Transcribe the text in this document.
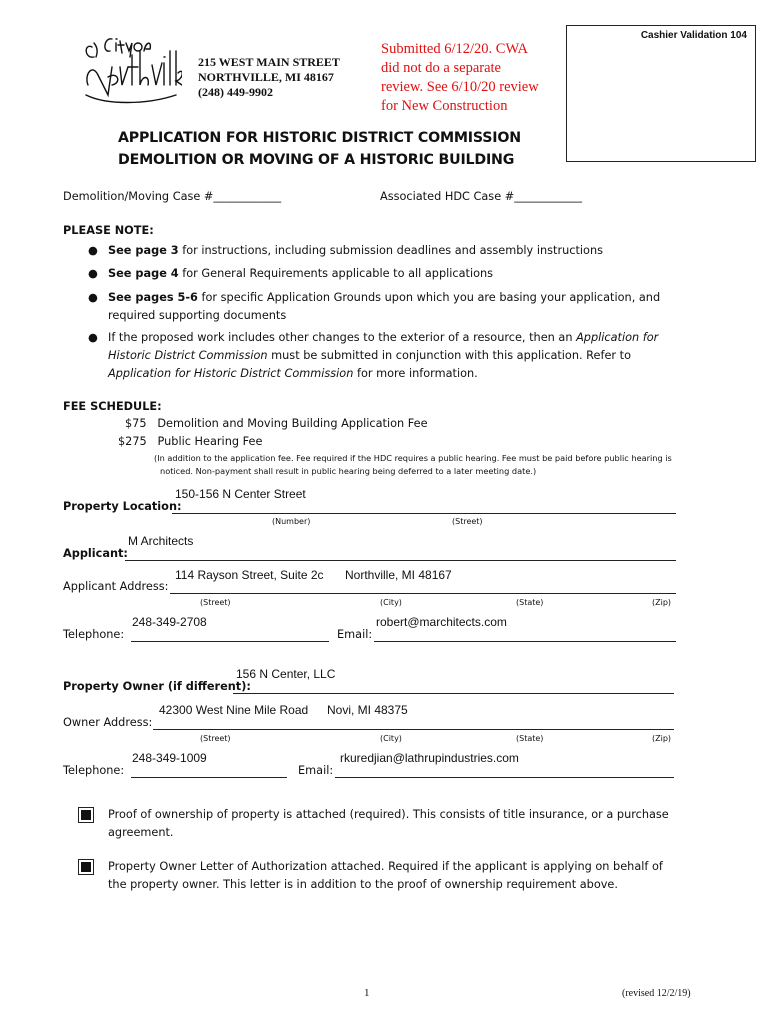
Cashier Validation 104
215 WEST MAIN STREET
NORTHVILLE, MI 48167
(248) 449-9902
Submitted 6/12/20. CWA
did not do a separate
review. See 6/10/20 review
for New Construction
APPLICATION FOR HISTORIC DISTRICT COMMISSION
DEMOLITION OR MOVING OF A HISTORIC BUILDING
Demolition/Moving Case #____________	Associated HDC Case #____________
PLEASE NOTE:
● See page 3 for instructions, including submission deadlines and assembly instructions
● See page 4 for General Requirements applicable to all applications
● See pages 5-6 for specific Application Grounds upon which you are basing your application, and
required supporting documents
● If the proposed work includes other changes to the exterior of a resource, then an Application for
Historic District Commission must be submitted in conjunction with this application. Refer to
Application for Historic District Commission for more information.
FEE SCHEDULE:
$75   Demolition and Moving Building Application Fee
$275   Public Hearing Fee
(In addition to the application fee. Fee required if the HDC requires a public hearing. Fee must be paid before public hearing is
noticed. Non-payment shall result in public hearing being deferred to a later meeting date.)
150-156 N Center Street
Property Location:
(Number)	(Street)
M Architects
Applicant:
114 Rayson Street, Suite 2c Northville, MI 48167
Applicant Address:
(Street)	(City)	(State)	(Zip)
248-349-2708	robert@marchitects.com
Telephone:	Email:
156 N Center, LLC
Property Owner (if different):
42300 West Nine Mile Road Novi, MI 48375
Owner Address:
(Street)	(City)	(State)	(Zip)
248-349-1009	rkuredjian@lathrupindustries.com
Telephone:	Email:
Proof of ownership of property is attached (required). This consists of title insurance, or a purchase
agreement.
Property Owner Letter of Authorization attached. Required if the applicant is applying on behalf of
the property owner. This letter is in addition to the proof of ownership requirement above.
1	(revised 12/2/19)
